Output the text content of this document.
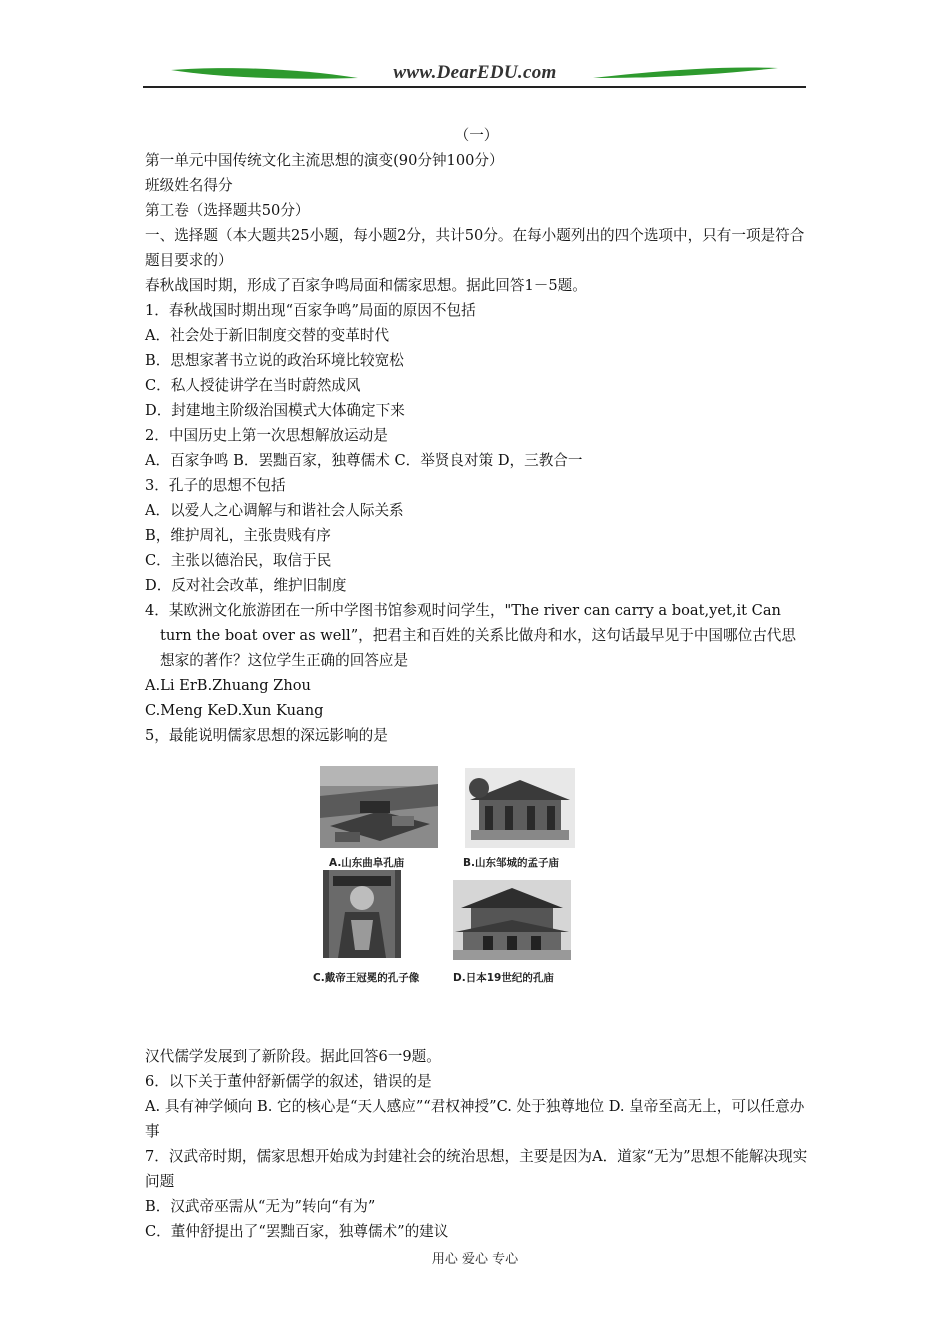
www.DearEDU.com

（一）

第一单元中国传统文化主流思想的演变(90分钟100分）

班级姓名得分

第工卷（选择题共50分）

一、选择题（本大题共25小题，每小题2分，共计50分。在每小题列出的四个选项中，只有一项是符合题目要求的）

春秋战国时期，形成了百家争鸣局面和儒家思想。据此回答1－5题。

1．春秋战国时期出现“百家争鸣”局面的原因不包括

A．社会处于新旧制度交替的变革时代

B．思想家著书立说的政治环境比较宽松

C．私人授徒讲学在当时蔚然成风

D．封建地主阶级治国模式大体确定下来

2．中国历史上第一次思想解放运动是

A．百家争鸣 B．罢黜百家，独尊儒术 C．举贤良对策 D，三教合一

3．孔子的思想不包括

A．以爱人之心调解与和谐社会人际关系

B，维护周礼，主张贵贱有序

C．主张以德治民，取信于民

D．反对社会改革，维护旧制度

4．某欧洲文化旅游团在一所中学图书馆参观时问学生，"The river can carry a boat,yet,it Can turn the boat over as well”，把君主和百姓的关系比做舟和水，这句话最早见于中国哪位古代思想家的著作？这位学生正确的回答应是

A.Li ErB.Zhuang Zhou

C.Meng KeD.Xun Kuang

5，最能说明儒家思想的深远影响的是

A.山东曲阜孔庙	B.山东邹城的孟子庙
C.戴帝王冠冕的孔子像	D.日本19世纪的孔庙

汉代儒学发展到了新阶段。据此回答6一9题。

6．以下关于董仲舒新儒学的叙述，错误的是

A. 具有神学倾向 B. 它的核心是“天人感应”“君权神授”C. 处于独尊地位 D. 皇帝至高无上，可以任意办事

7．汉武帝时期，儒家思想开始成为封建社会的统治思想，主要是因为A．道家“无为”思想不能解决现实问题

B．汉武帝巫需从“无为”转向“有为”

C．董仲舒提出了“罢黜百家，独尊儒术”的建议

用心 爱心 专心
